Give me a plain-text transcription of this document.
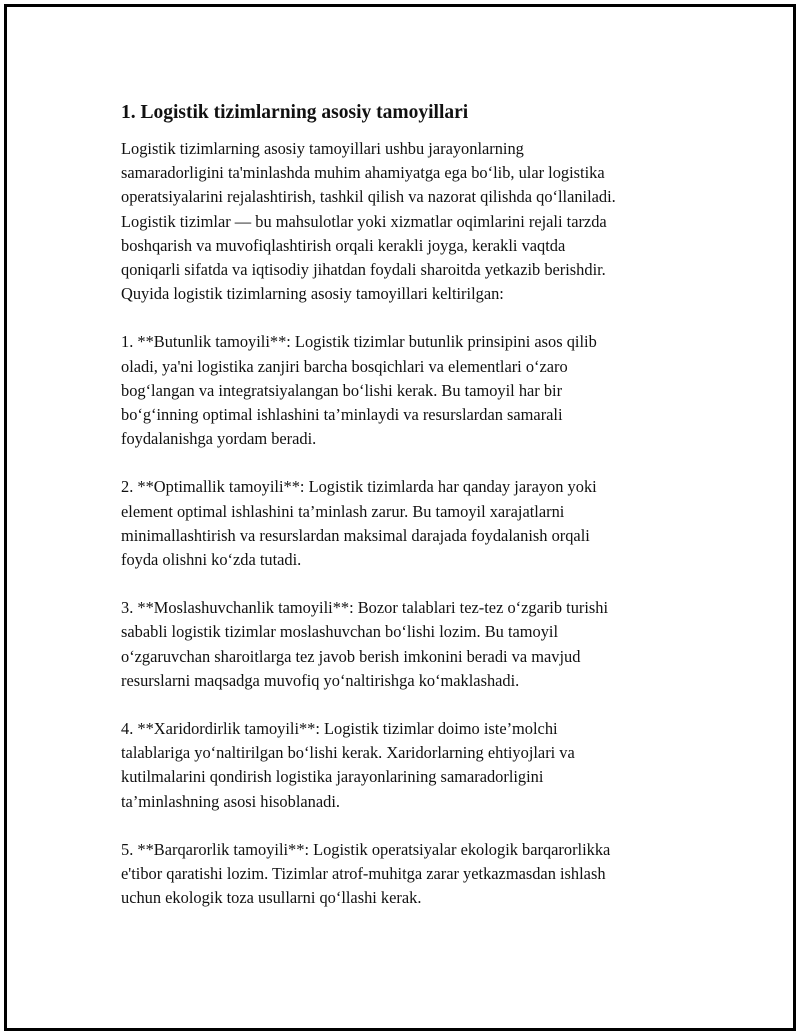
1. Logistik tizimlarning asosiy tamoyillari

Logistik tizimlarning asosiy tamoyillari ushbu jarayonlarning
samaradorligini ta'minlashda muhim ahamiyatga ega boʻlib, ular logistika
operatsiyalarini rejalashtirish, tashkil qilish va nazorat qilishda qoʻllaniladi.
Logistik tizimlar — bu mahsulotlar yoki xizmatlar oqimlarini rejali tarzda
boshqarish va muvofiqlashtirish orqali kerakli joyga, kerakli vaqtda
qoniqarli sifatda va iqtisodiy jihatdan foydali sharoitda yetkazib berishdir.
Quyida logistik tizimlarning asosiy tamoyillari keltirilgan:

1. **Butunlik tamoyili**: Logistik tizimlar butunlik prinsipini asos qilib
oladi, ya'ni logistika zanjiri barcha bosqichlari va elementlari oʻzaro
bogʻlangan va integratsiyalangan boʻlishi kerak. Bu tamoyil har bir
boʻgʻinning optimal ishlashini ta’minlaydi va resurslardan samarali
foydalanishga yordam beradi.

2. **Optimallik tamoyili**: Logistik tizimlarda har qanday jarayon yoki
element optimal ishlashini ta’minlash zarur. Bu tamoyil xarajatlarni
minimallashtirish va resurslardan maksimal darajada foydalanish orqali
foyda olishni koʻzda tutadi.

3. **Moslashuvchanlik tamoyili**: Bozor talablari tez-tez oʻzgarib turishi
sababli logistik tizimlar moslashuvchan boʻlishi lozim. Bu tamoyil
oʻzgaruvchan sharoitlarga tez javob berish imkonini beradi va mavjud
resurslarni maqsadga muvofiq yoʻnaltirishga koʻmaklashadi.

4. **Xaridordirlik tamoyili**: Logistik tizimlar doimo iste’molchi
talablariga yoʻnaltirilgan boʻlishi kerak. Xaridorlarning ehtiyojlari va
kutilmalarini qondirish logistika jarayonlarining samaradorligini
ta’minlashning asosi hisoblanadi.

5. **Barqarorlik tamoyili**: Logistik operatsiyalar ekologik barqarorlikka
e'tibor qaratishi lozim. Tizimlar atrof-muhitga zarar yetkazmasdan ishlash
uchun ekologik toza usullarni qoʻllashi kerak.
